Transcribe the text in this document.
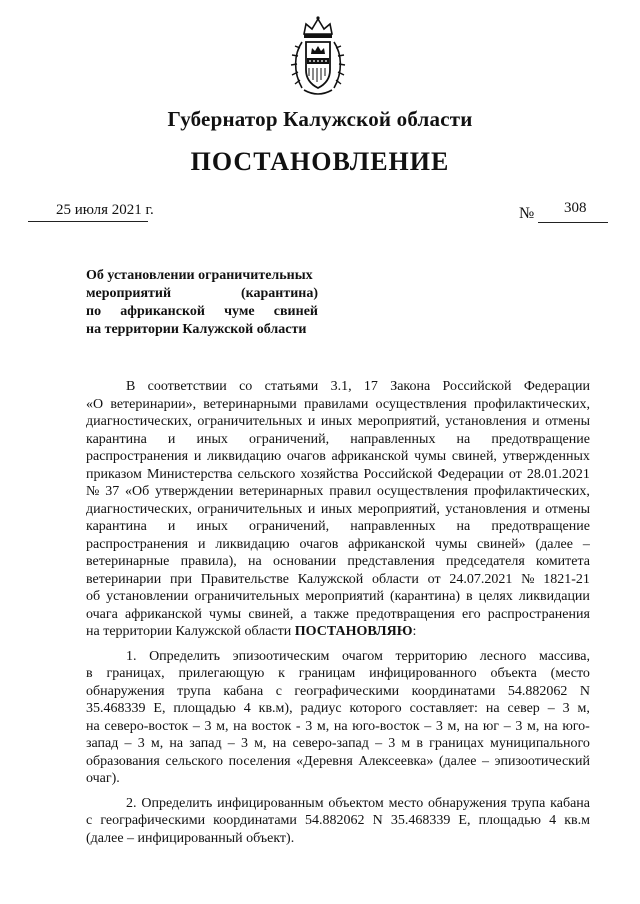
Губернатор Калужской области
ПОСТАНОВЛЕНИЕ
25 июля 2021 г.	№ 308
Об установлении ограничительных
мероприятий	(карантина)
по африканской чуме свиней
на территории Калужской области
В соответствии со статьями 3.1, 17 Закона Российской Федерации
«О ветеринарии», ветеринарными правилами осуществления профилактических,
диагностических, ограничительных и иных мероприятий, установления и отмены
карантина и иных ограничений, направленных на предотвращение
распространения и ликвидацию очагов африканской чумы свиней, утвержденных
приказом Министерства сельского хозяйства Российской Федерации от 28.01.2021
№ 37 «Об утверждении ветеринарных правил осуществления профилактических,
диагностических, ограничительных и иных мероприятий, установления и отмены
карантина и иных ограничений, направленных на предотвращение
распространения и ликвидацию очагов африканской чумы свиней» (далее –
ветеринарные правила), на основании представления председателя комитета
ветеринарии при Правительстве Калужской области от 24.07.2021 № 1821-21
об установлении ограничительных мероприятий (карантина) в целях ликвидации
очага африканской чумы свиней, а также предотвращения его распространения
на территории Калужской области ПОСТАНОВЛЯЮ:
1. Определить эпизоотическим очагом территорию лесного массива,
в границах, прилегающую к границам инфицированного объекта (место
обнаружения трупа кабана с географическими координатами 54.882062 N
35.468339 E, площадью 4 кв.м), радиус которого составляет: на север – 3 м,
на северо-восток – 3 м, на восток - 3 м, на юго-восток – 3 м, на юг – 3 м, на юго-
запад – 3 м, на запад – 3 м, на северо-запад – 3 м в границах муниципального
образования сельского поселения «Деревня Алексеевка» (далее – эпизоотический
очаг).
2. Определить инфицированным объектом место обнаружения трупа кабана
с географическими координатами 54.882062 N 35.468339 E, площадью 4 кв.м
(далее – инфицированный объект).
